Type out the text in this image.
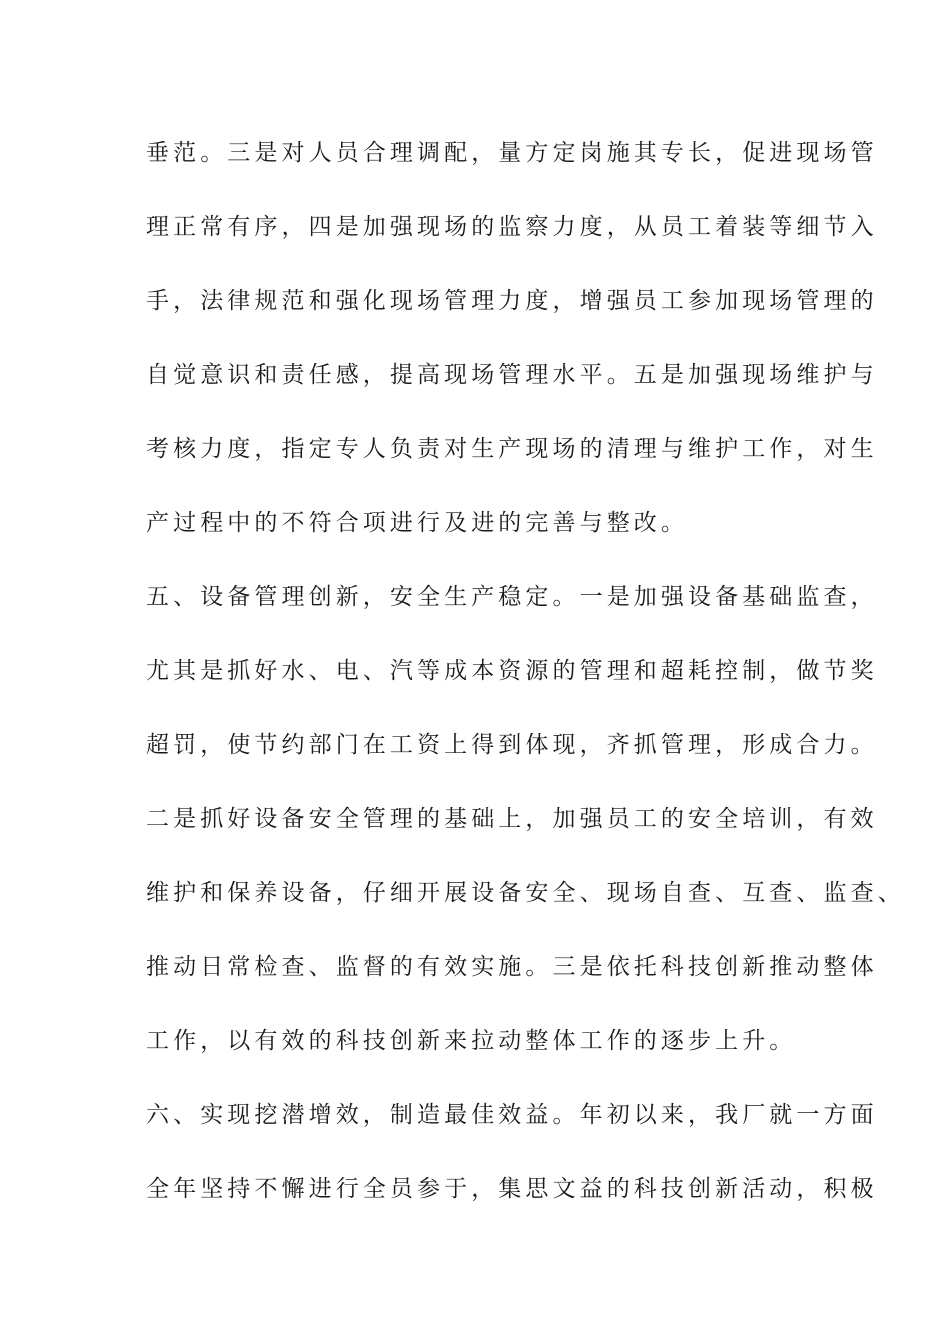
垂范。三是对人员合理调配，量方定岗施其专长，促进现场管
理正常有序，四是加强现场的监察力度，从员工着装等细节入
手，法律规范和强化现场管理力度，增强员工参加现场管理的
自觉意识和责任感，提高现场管理水平。五是加强现场维护与
考核力度，指定专人负责对生产现场的清理与维护工作，对生
产过程中的不符合项进行及进的完善与整改。
五、设备管理创新，安全生产稳定。一是加强设备基础监查，
尤其是抓好水、电、汽等成本资源的管理和超耗控制，做节奖
超罚，使节约部门在工资上得到体现，齐抓管理，形成合力。
二是抓好设备安全管理的基础上，加强员工的安全培训，有效
维护和保养设备，仔细开展设备安全、现场自查、互查、监查、
推动日常检查、监督的有效实施。三是依托科技创新推动整体
工作，以有效的科技创新来拉动整体工作的逐步上升。
六、实现挖潜增效，制造最佳效益。年初以来，我厂就一方面
全年坚持不懈进行全员参于，集思文益的科技创新活动，积极
